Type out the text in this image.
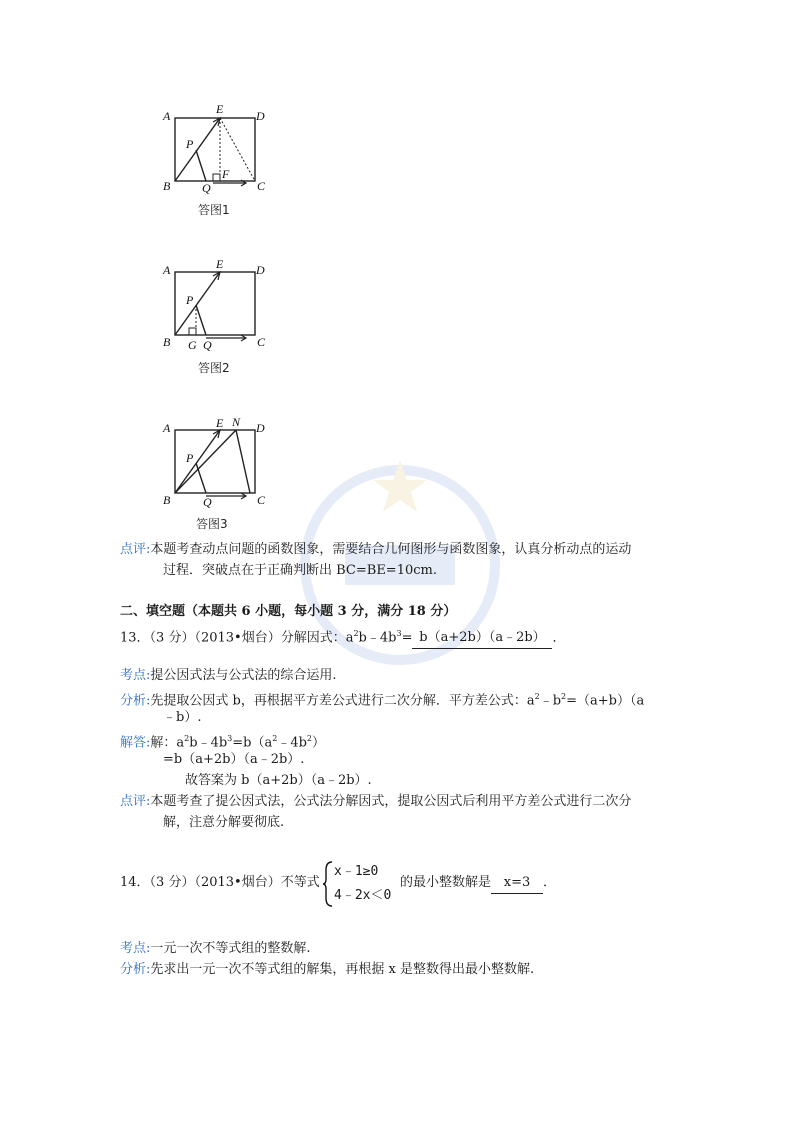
A	E	D
P
B	Q
F
C
答图1
A	E	D
P
B G Q	C
答图2
A	E N D
P
B	Q	C
答图3
点评:本题考查动点问题的函数图象，需要结合几何图形与函数图象，认真分析动点的运动
过程．突破点在于正确判断出 BC=BE=10cm.
二、填空题（本题共 6 小题，每小题 3 分，满分 18 分）
13．（3 分）（2013•烟台）分解因式：$a^2b﹣4b^3=$ b（a+2b）（a﹣2b） ．
考点:提公因式法与公式法的综合运用.
分析:先提取公因式 b，再根据平方差公式进行二次分解．平方差公式：$a^2﹣b^2=(a+b)(a$
﹣b）.
解答:解：$a^2b﹣4b^3=b(a^2﹣4b^2)$
=b（a+2b）（a﹣2b）.
故答案为 b（a+2b）（a﹣2b）.
点评:本题考查了提公因式法，公式法分解因式，提取公因式后利用平方差公式进行二次分
解，注意分解要彻底.
14．（3 分）（2013•烟台）不等式
x﹣1≥0
4﹣2x＜0
的最小整数解是 x=3 ．
考点:一元一次不等式组的整数解.
分析:先求出一元一次不等式组的解集，再根据 x 是整数得出最小整数解.
